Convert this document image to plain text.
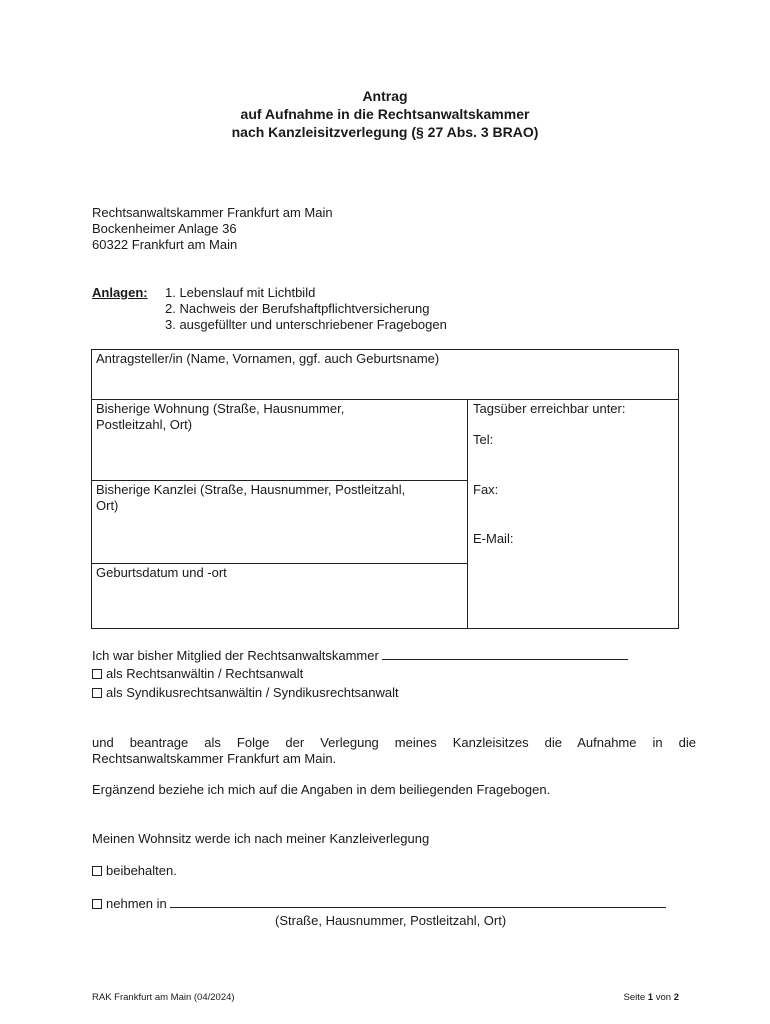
Antrag
auf Aufnahme in die Rechtsanwaltskammer
nach Kanzleisitzverlegung (§ 27 Abs. 3 BRAO)
Rechtsanwaltskammer Frankfurt am Main
Bockenheimer Anlage 36
60322 Frankfurt am Main
Anlagen: 1. Lebenslauf mit Lichtbild
2. Nachweis der Berufshaftpflichtversicherung
3. ausgefüllter und unterschriebener Fragebogen
Antragsteller/in (Name, Vornamen, ggf. auch Geburtsname)
Bisherige Wohnung (Straße, Hausnummer,
Postleitzahl, Ort)
Bisherige Kanzlei (Straße, Hausnummer, Postleitzahl,
Ort)
Geburtsdatum und -ort
Tagsüber erreichbar unter:
Tel:
Fax:
E-Mail:
Ich war bisher Mitglied der Rechtsanwaltskammer
als Rechtsanwältin / Rechtsanwalt
als Syndikusrechtsanwältin / Syndikusrechtsanwalt
und beantrage als Folge der Verlegung meines Kanzleisitzes die Aufnahme in die
Rechtsanwaltskammer Frankfurt am Main.
Ergänzend beziehe ich mich auf die Angaben in dem beiliegenden Fragebogen.
Meinen Wohnsitz werde ich nach meiner Kanzleiverlegung
beibehalten.
nehmen in
(Straße, Hausnummer, Postleitzahl, Ort)
RAK Frankfurt am Main (04/2024)	Seite 1 von 2
